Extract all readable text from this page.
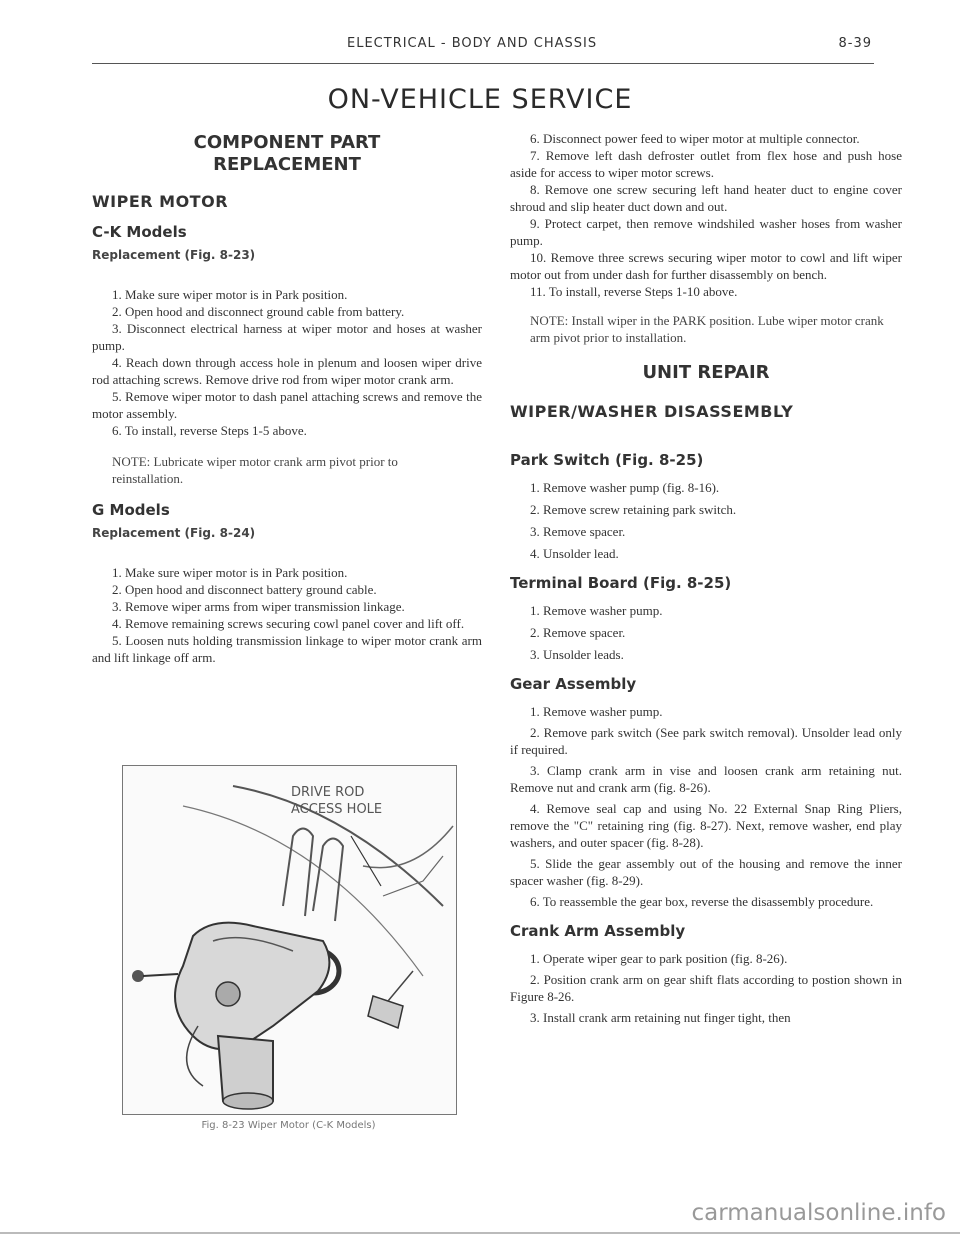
ELECTRICAL - BODY AND CHASSIS	8-39
ON-VEHICLE SERVICE
COMPONENT PART
REPLACEMENT
WIPER MOTOR
C-K Models
Replacement (Fig. 8-23)

1. Make sure wiper motor is in Park position.

2. Open hood and disconnect ground cable from battery.

3. Disconnect electrical harness at wiper motor and hoses at washer pump.

4. Reach down through access hole in plenum and loosen wiper drive rod attaching screws. Remove drive rod from wiper motor crank arm.

5. Remove wiper motor to dash panel attaching screws and remove the motor assembly.

6. To install, reverse Steps 1-5 above.

NOTE: Lubricate wiper motor crank arm pivot prior to reinstallation.

G Models
Replacement (Fig. 8-24)

1. Make sure wiper motor is in Park position.

2. Open hood and disconnect battery ground cable.

3. Remove wiper arms from wiper transmission linkage.

4. Remove remaining screws securing cowl panel cover and lift off.

5. Loosen nuts holding transmission linkage to wiper motor crank arm and lift linkage off arm.

DRIVE ROD
ACCESS HOLE
Fig. 8-23 Wiper Motor (C-K Models)

6. Disconnect power feed to wiper motor at multiple connector.

7. Remove left dash defroster outlet from flex hose and push hose aside for access to wiper motor screws.

8. Remove one screw securing left hand heater duct to engine cover shroud and slip heater duct down and out.

9. Protect carpet, then remove windshiled washer hoses from washer pump.

10. Remove three screws securing wiper motor to cowl and lift wiper motor out from under dash for further disassembly on bench.

11. To install, reverse Steps 1-10 above.

NOTE: Install wiper in the PARK position. Lube wiper motor crank arm pivot prior to installation.

UNIT REPAIR
WIPER/WASHER DISASSEMBLY
Park Switch (Fig. 8-25)

1. Remove washer pump (fig. 8-16).

2. Remove screw retaining park switch.

3. Remove spacer.

4. Unsolder lead.

Terminal Board (Fig. 8-25)

1. Remove washer pump.

2. Remove spacer.

3. Unsolder leads.

Gear Assembly

1. Remove washer pump.

2. Remove park switch (See park switch removal). Unsolder lead only if required.

3. Clamp crank arm in vise and loosen crank arm retaining nut. Remove nut and crank arm (fig. 8-26).

4. Remove seal cap and using No. 22 External Snap Ring Pliers, remove the "C" retaining ring (fig. 8-27). Next, remove washer, end play washers, and outer spacer (fig. 8-28).

5. Slide the gear assembly out of the housing and remove the inner spacer washer (fig. 8-29).

6. To reassemble the gear box, reverse the disassembly procedure.

Crank Arm Assembly

1. Operate wiper gear to park position (fig. 8-26).

2. Position crank arm on gear shift flats according to postion shown in Figure 8-26.

3. Install crank arm retaining nut finger tight, then

carmanualsonline.info
